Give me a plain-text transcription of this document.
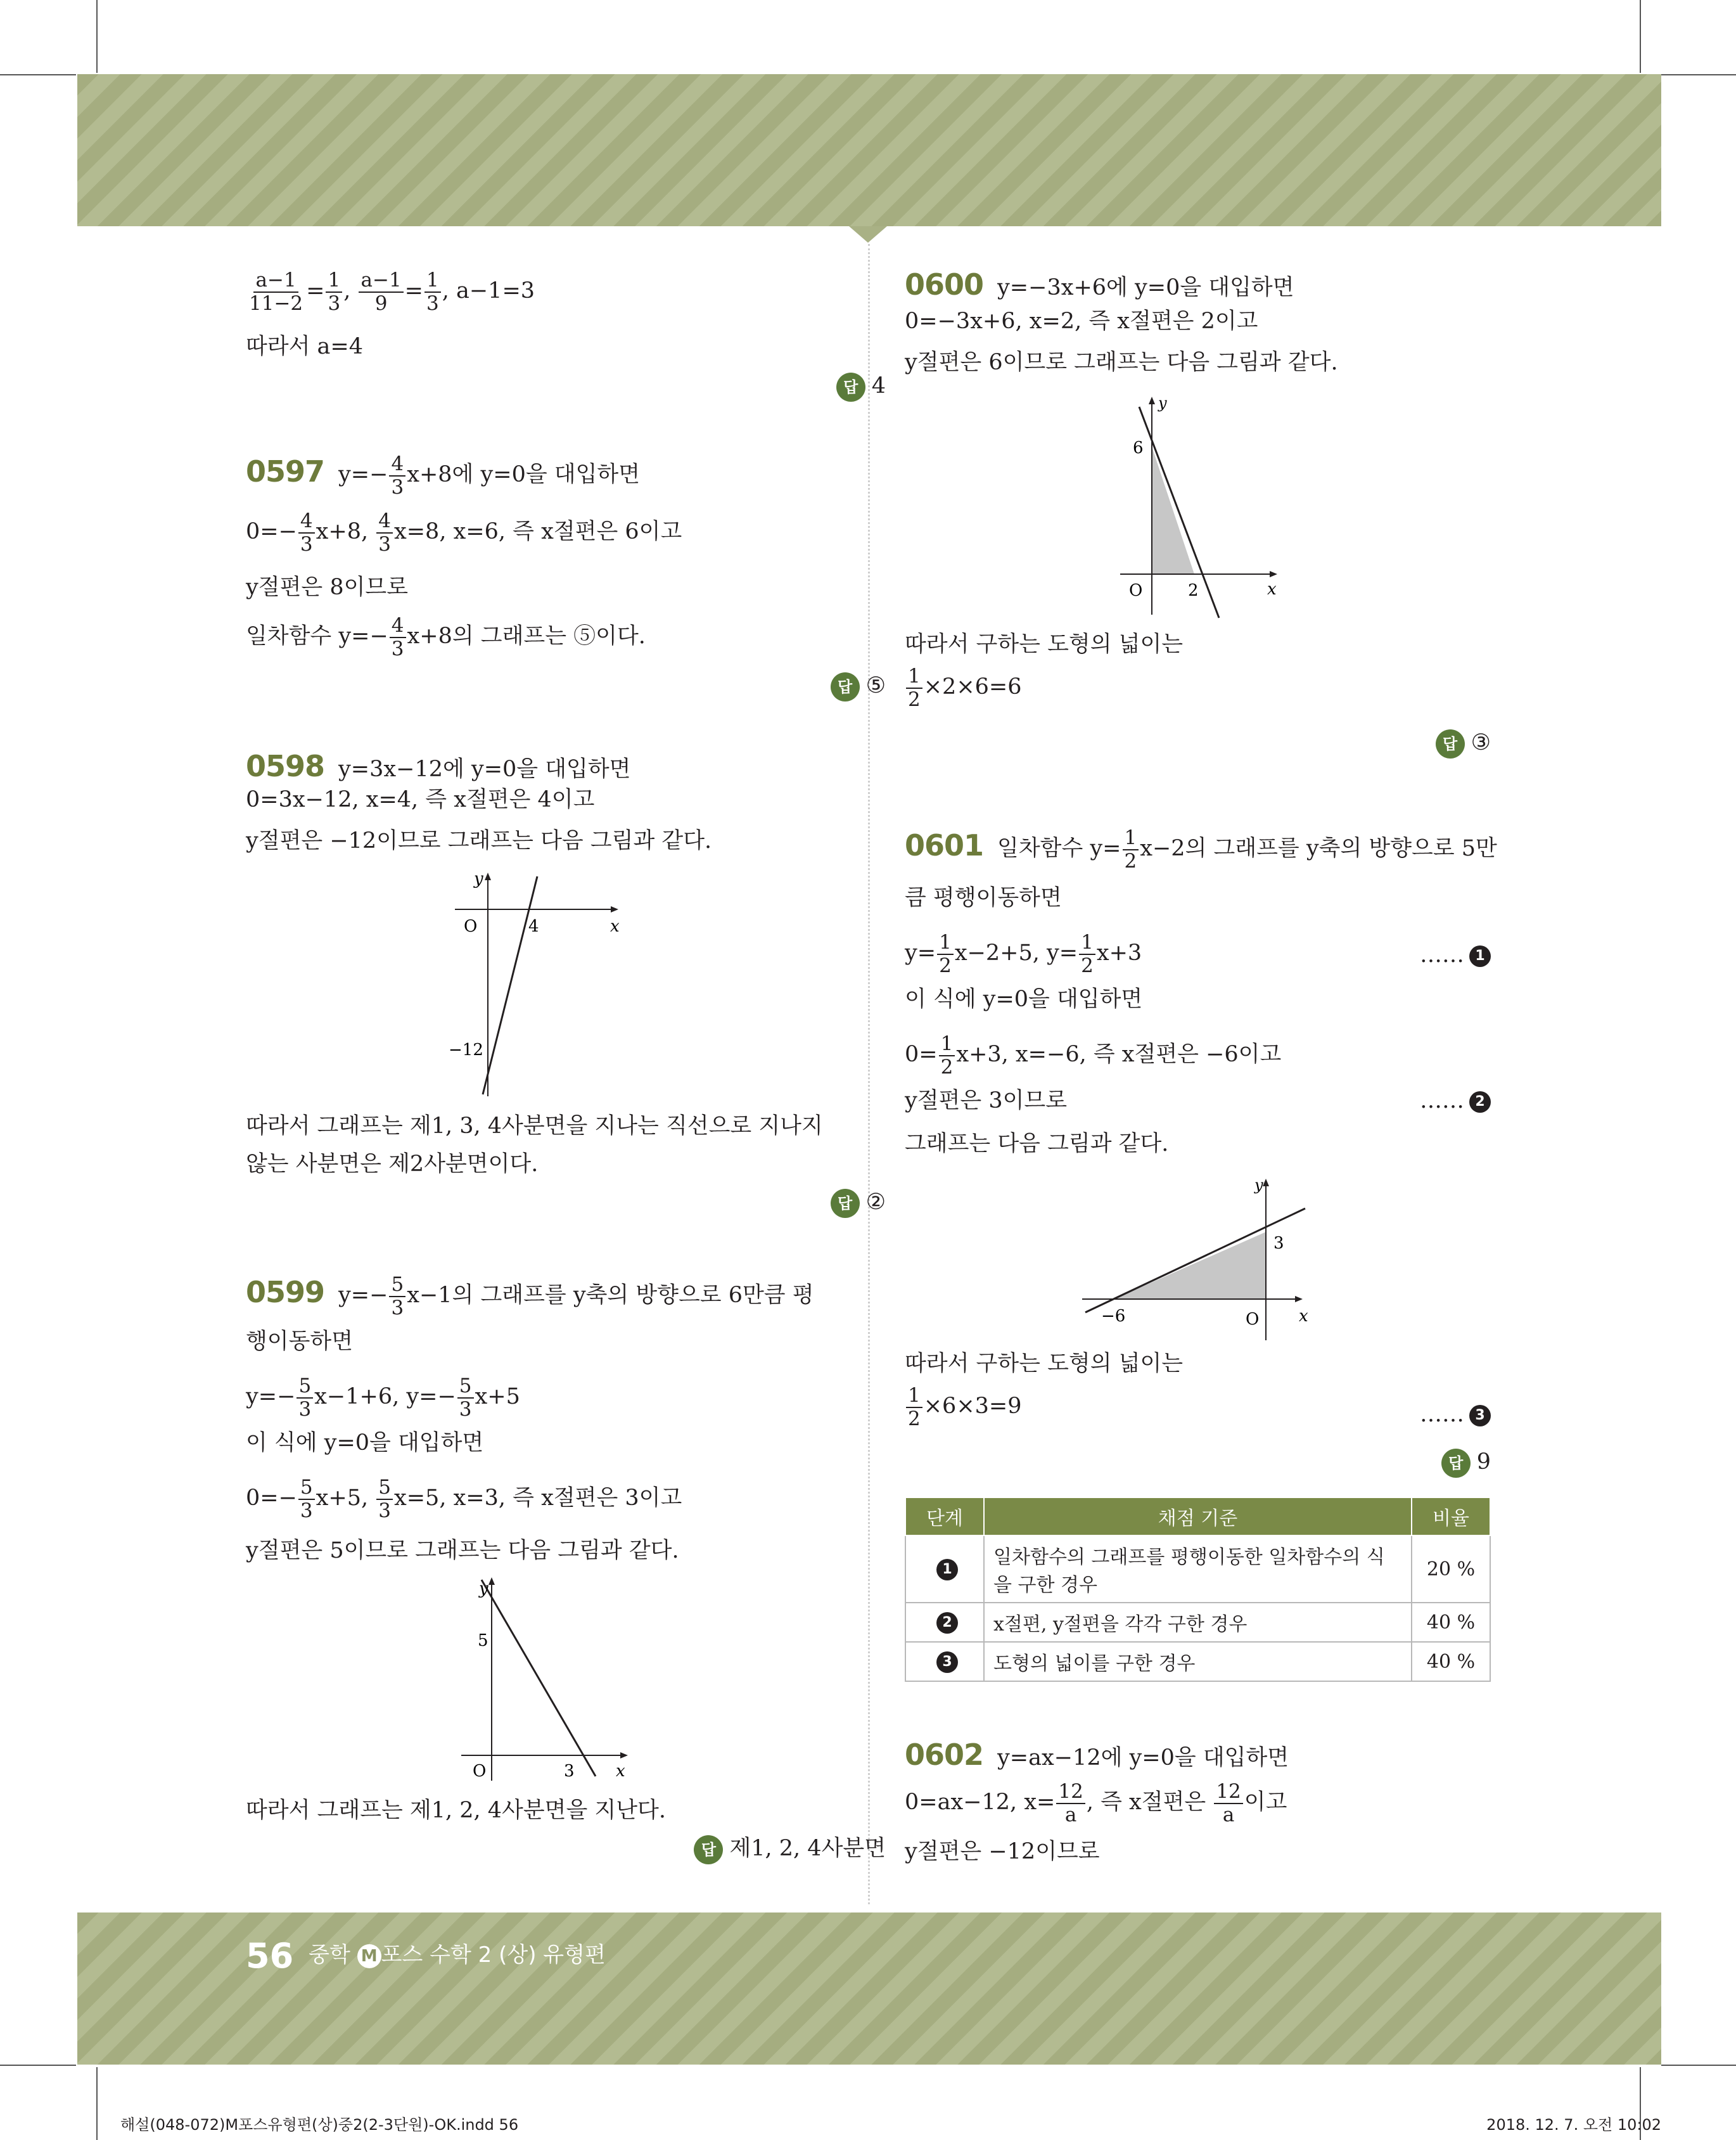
$\frac{a-1}{11-2} = \frac{1}{3}$ , $\frac{a-1}{9} = \frac{1}{3}$ , a−1=3
따라서 a=4
답 4
0597 $y=- \frac{4}{3} x+8$에 y=0을 대입하면
$0=- \frac{4}{3} x+8$, $\frac{4}{3} x=8$, x=6, 즉 x절편은 6이고
y절편은 8이므로
일차함수 $y=- \frac{4}{3} x+8$의 그래프는 ⑤이다.
답 ⑤
0598 y=3x−12에 y=0을 대입하면
0=3x−12, x=4, 즉 x절편은 4이고
y절편은 −12이므로 그래프는 다음 그림과 같다.
y
x
O	4
−12
따라서 그래프는 제1, 3, 4사분면을 지나는 직선으로 지나지
않는 사분면은 제2사분면이다.
답 ②
0599 $y=- \frac{5}{3} x-1$의 그래프를 y축의 방향으로 6만큼 평
행이동하면
$y=- \frac{5}{3} x-1+6$, $y=- \frac{5}{3} x+5$
이 식에 y=0을 대입하면
$0=- \frac{5}{3} x+5$, $\frac{5}{3} x=5$, x=3, 즉 x절편은 3이고
y절편은 5이므로 그래프는 다음 그림과 같다.
y
x
O
5
3
따라서 그래프는 제1, 2, 4사분면을 지난다.
답 제1, 2, 4사분면
0600 y=−3x+6에 y=0을 대입하면
0=−3x+6, x=2, 즉 x절편은 2이고
y절편은 6이므로 그래프는 다음 그림과 같다.
y
x
O
6
2
따라서 구하는 도형의 넓이는
$\frac{1}{2} \times 2\times 6=6$
답 ③
0601 일차함수 $y= \frac{1}{2} x-2$의 그래프를 y축의 방향으로 5만
큼 평행이동하면
$y= \frac{1}{2} x-2+5$, $y= \frac{1}{2} x+3$	…… 1
이 식에 y=0을 대입하면
$0= \frac{1}{2} x+3$, x=−6, 즉 x절편은 −6이고
y절편은 3이므로	…… 2
그래프는 다음 그림과 같다.
y
x
O
3
−6
따라서 구하는 도형의 넓이는
$\frac{1}{2} \times 6\times 3=9$	…… 3
답 9
0602 y=ax−12에 y=0을 대입하면
0=ax−12, $x= \frac{12}{a}$ , 즉 x절편은 $\frac{12}{a}$ 이고
y절편은 −12이므로
단계	채점 기준	비율
1	일차함수의 그래프를 평행이동한 일차함수의 식을 구한 경우	20 %
2	x절편, y절편을 각각 구한 경우	40 %
3	도형의 넓이를 구한 경우	40 %
56 중학 M 포스 수학 2 (상) 유형편
해설(048-072)M포스유형편(상)중2(2-3단원)-OK.indd 56	2018. 12. 7. 오전 10:02
